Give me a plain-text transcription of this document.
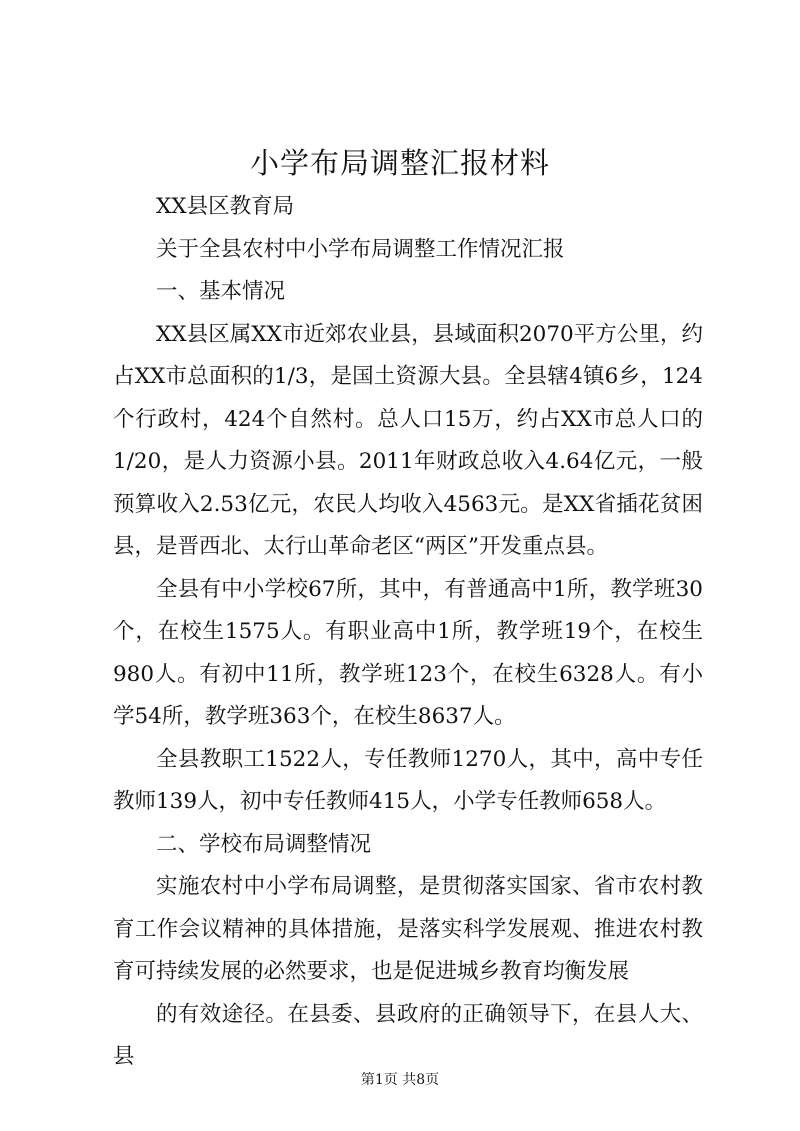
小学布局调整汇报材料

XX县区教育局

关于全县农村中小学布局调整工作情况汇报

一、基本情况

XX县区属XX市近郊农业县，县域面积2070平方公里，约占XX市总面积的1/3，是国土资源大县。全县辖4镇6乡，124个行政村，424个自然村。总人口15万，约占XX市总人口的1/20，是人力资源小县。2011年财政总收入4.64亿元，一般预算收入2.53亿元，农民人均收入4563元。是XX省插花贫困县，是晋西北、太行山革命老区“两区”开发重点县。

全县有中小学校67所，其中，有普通高中1所，教学班30个，在校生1575人。有职业高中1所，教学班19个，在校生980人。有初中11所，教学班123个，在校生6328人。有小学54所，教学班363个，在校生8637人。

全县教职工1522人，专任教师1270人，其中，高中专任教师139人，初中专任教师415人，小学专任教师658人。

二、学校布局调整情况

实施农村中小学布局调整，是贯彻落实国家、省市农村教育工作会议精神的具体措施，是落实科学发展观、推进农村教育可持续发展的必然要求，也是促进城乡教育均衡发展

的有效途径。在县委、县政府的正确领导下，在县人大、县

第1页 共8页
